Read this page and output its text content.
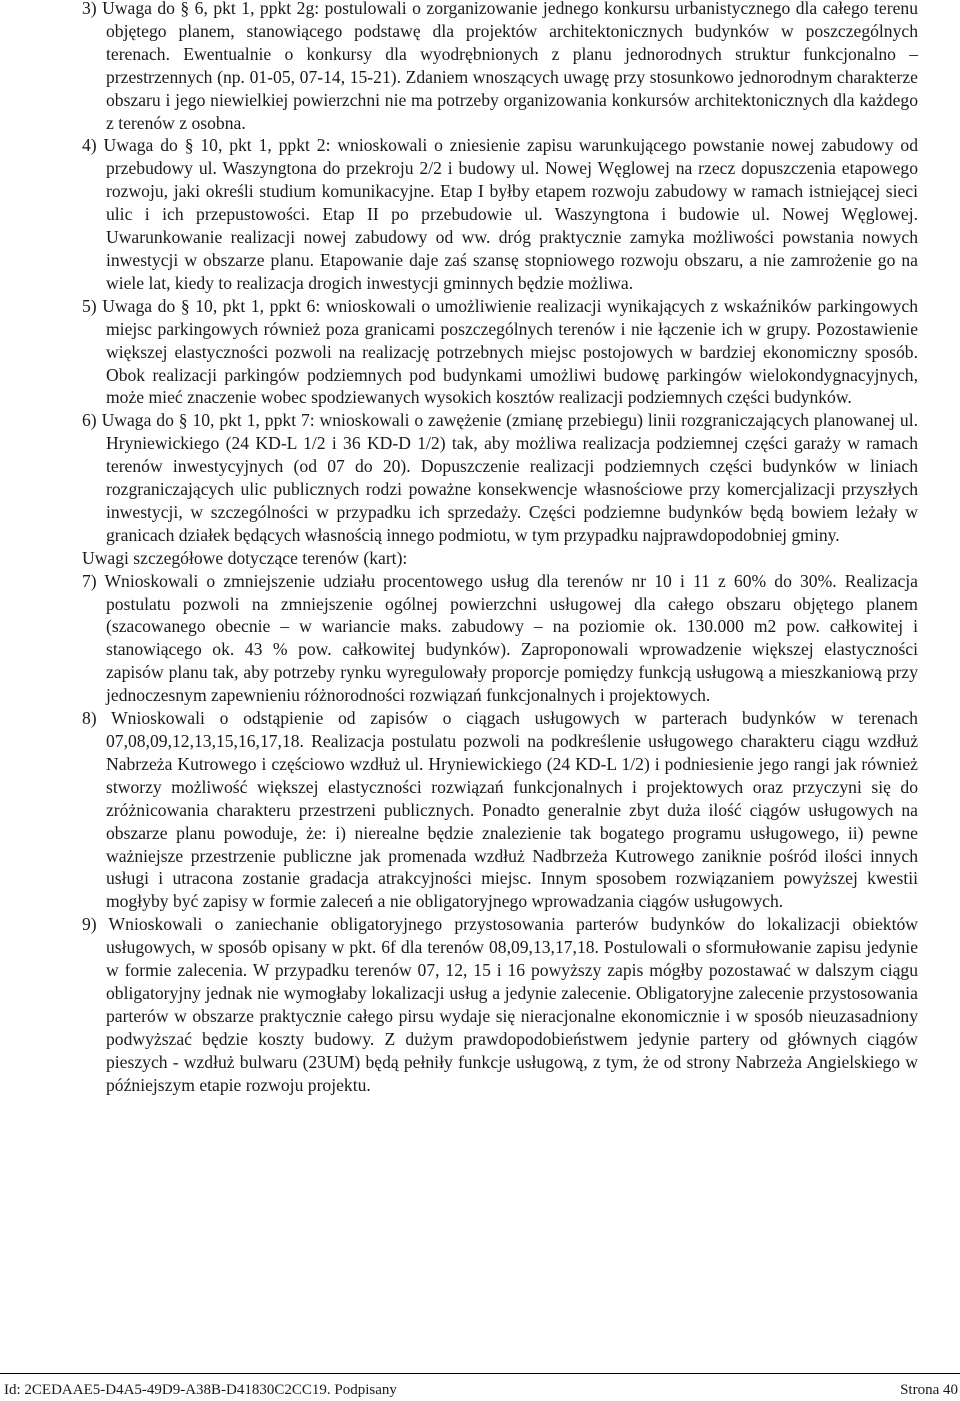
3) Uwaga do § 6, pkt 1, ppkt 2g: postulowali o zorganizowanie jednego konkursu urbanistycznego dla całego terenu objętego planem, stanowiącego podstawę dla projektów architektonicznych budynków w poszczególnych terenach. Ewentualnie o konkursy dla wyodrębnionych z planu jednorodnych struktur funkcjonalno – przestrzennych (np. 01-05, 07-14, 15-21). Zdaniem wnoszących uwagę przy stosunkowo jednorodnym charakterze obszaru i jego niewielkiej powierzchni nie ma potrzeby organizowania konkursów architektonicznych dla każdego z terenów z osobna.

4) Uwaga do § 10, pkt 1, ppkt 2: wnioskowali o zniesienie zapisu warunkującego powstanie nowej zabudowy od przebudowy ul. Waszyngtona do przekroju 2/2 i budowy ul. Nowej Węglowej na rzecz dopuszczenia etapowego rozwoju, jaki określi studium komunikacyjne. Etap I byłby etapem rozwoju zabudowy w ramach istniejącej sieci ulic i ich przepustowości. Etap II po przebudowie ul. Waszyngtona i budowie ul. Nowej Węglowej. Uwarunkowanie realizacji nowej zabudowy od ww. dróg praktycznie zamyka możliwości powstania nowych inwestycji w obszarze planu. Etapowanie daje zaś szansę stopniowego rozwoju obszaru, a nie zamrożenie go na wiele lat, kiedy to realizacja drogich inwestycji gminnych będzie możliwa.

5) Uwaga do § 10, pkt 1, ppkt 6: wnioskowali o umożliwienie realizacji wynikających z wskaźników parkingowych miejsc parkingowych również poza granicami poszczególnych terenów i nie łączenie ich w grupy. Pozostawienie większej elastyczności pozwoli na realizację potrzebnych miejsc postojowych w bardziej ekonomiczny sposób. Obok realizacji parkingów podziemnych pod budynkami umożliwi budowę parkingów wielokondygnacyjnych, może mieć znaczenie wobec spodziewanych wysokich kosztów realizacji podziemnych części budynków.

6) Uwaga do § 10, pkt 1, ppkt 7: wnioskowali o zawężenie (zmianę przebiegu) linii rozgraniczających planowanej ul. Hryniewickiego (24 KD-L 1/2 i 36 KD-D 1/2) tak, aby możliwa realizacja podziemnej części garaży w ramach terenów inwestycyjnych (od 07 do 20). Dopuszczenie realizacji podziemnych części budynków w liniach rozgraniczających ulic publicznych rodzi poważne konsekwencje własnościowe przy komercjalizacji przyszłych inwestycji, w szczególności w przypadku ich sprzedaży. Części podziemne budynków będą bowiem leżały w granicach działek będących własnością innego podmiotu, w tym przypadku najprawdopodobniej gminy.

Uwagi szczegółowe dotyczące terenów (kart):

7) Wnioskowali o zmniejszenie udziału procentowego usług dla terenów nr 10 i 11 z 60% do 30%. Realizacja postulatu pozwoli na zmniejszenie ogólnej powierzchni usługowej dla całego obszaru objętego planem (szacowanego obecnie – w wariancie maks. zabudowy – na poziomie ok. 130.000 m2 pow. całkowitej i stanowiącego ok. 43 % pow. całkowitej budynków). Zaproponowali wprowadzenie większej elastyczności zapisów planu tak, aby potrzeby rynku wyregulowały proporcje pomiędzy funkcją usługową a mieszkaniową przy jednoczesnym zapewnieniu różnorodności rozwiązań funkcjonalnych i projektowych.

8) Wnioskowali o odstąpienie od zapisów o ciągach usługowych w parterach budynków w terenach 07,08,09,12,13,15,16,17,18. Realizacja postulatu pozwoli na podkreślenie usługowego charakteru ciągu wzdłuż Nabrzeża Kutrowego i częściowo wzdłuż ul. Hryniewickiego (24 KD-L 1/2) i podniesienie jego rangi jak również stworzy możliwość większej elastyczności rozwiązań funkcjonalnych i projektowych oraz przyczyni się do zróżnicowania charakteru przestrzeni publicznych. Ponadto generalnie zbyt duża ilość ciągów usługowych na obszarze planu powoduje, że: i) nierealne będzie znalezienie tak bogatego programu usługowego, ii) pewne ważniejsze przestrzenie publiczne jak promenada wzdłuż Nadbrzeża Kutrowego zaniknie pośród ilości innych usługi i utracona zostanie gradacja atrakcyjności miejsc. Innym sposobem rozwiązaniem powyższej kwestii mogłyby być zapisy w formie zaleceń a nie obligatoryjnego wprowadzania ciągów usługowych.

9) Wnioskowali o zaniechanie obligatoryjnego przystosowania parterów budynków do lokalizacji obiektów usługowych, w sposób opisany w pkt. 6f dla terenów 08,09,13,17,18. Postulowali o sformułowanie zapisu jedynie w formie zalecenia. W przypadku terenów 07, 12, 15 i 16 powyższy zapis mógłby pozostawać w dalszym ciągu obligatoryjny jednak nie wymogłaby lokalizacji usług a jedynie zalecenie. Obligatoryjne zalecenie przystosowania parterów w obszarze praktycznie całego pirsu wydaje się nieracjonalne ekonomicznie i w sposób nieuzasadniony podwyższać będzie koszty budowy. Z dużym prawdopodobieństwem jedynie partery od głównych ciągów pieszych - wzdłuż bulwaru (23UM) będą pełniły funkcje usługową, z tym, że od strony Nabrzeża Angielskiego w późniejszym etapie rozwoju projektu.

Id: 2CEDAAE5-D4A5-49D9-A38B-D41830C2CC19. Podpisany	Strona 40
